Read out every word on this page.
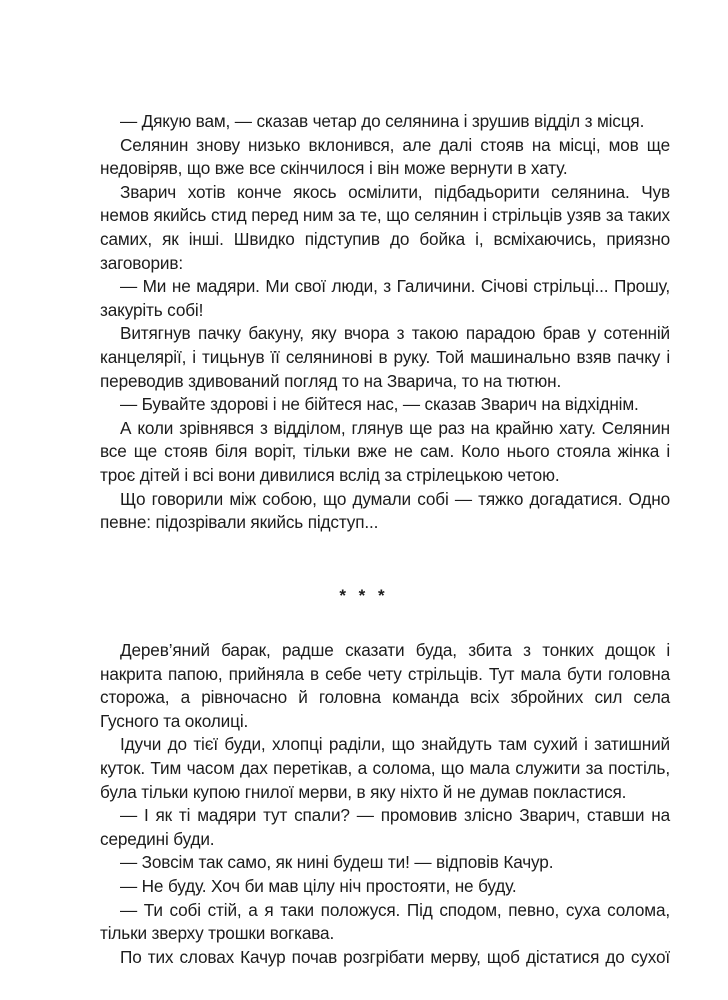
— Дякую вам, — сказав четар до селянина і зрушив відділ з місця.

Селянин знову низько вклонився, але далі стояв на місці, мов ще недовіряв, що вже все скінчилося і він може вернути в хату.

Зварич хотів конче якось осмілити, підбадьорити селянина. Чув немов якийсь стид перед ним за те, що селянин і стрільців узяв за таких самих, як інші. Швидко підступив до бойка і, всміхаючись, приязно заговорив:

— Ми не мадяри. Ми свої люди, з Галичини. Січові стрільці... Прошу, закуріть собі!

Витягнув пачку бакуну, яку вчора з такою парадою брав у сотенній канцелярії, і тицьнув її селянинові в руку. Той машинально взяв пачку і переводив здивований погляд то на Зварича, то на тютюн.

— Бувайте здорові і не бійтеся нас, — сказав Зварич на відхіднім.

А коли зрівнявся з відділом, глянув ще раз на крайню хату. Селянин все ще стояв біля воріт, тільки вже не сам. Коло нього стояла жінка і троє дітей і всі вони дивилися вслід за стрілецькою четою.

Що говорили між собою, що думали собі — тяжко догадатися. Одно певне: підозрівали якийсь підступ...

* * *

Дерев’яний барак, радше сказати буда, збита з тонких дощок і накрита папою, прийняла в себе чету стрільців. Тут мала бути головна сторожа, а рівночасно й головна команда всіх збройних сил села Гусного та околиці.

Ідучи до тієї буди, хлопці раділи, що знайдуть там сухий і затишний куток. Тим часом дах перетікав, а солома, що мала служити за постіль, була тільки купою гнилої мерви, в яку ніхто й не думав покластися.

— І як ті мадяри тут спали? — промовив злісно Зварич, ставши на середині буди.

— Зовсім так само, як нині будеш ти! — відповів Качур.

— Не буду. Хоч би мав цілу ніч простояти, не буду.

— Ти собі стій, а я таки положуся. Під сподом, певно, суха солома, тільки зверху трошки вогкава.

По тих словах Качур почав розгрібати мерву, щоб дістатися до сухої
